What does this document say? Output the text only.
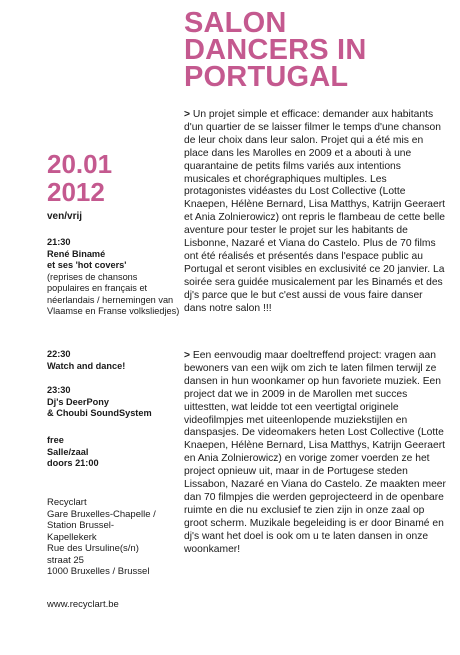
SALON
DANCERS IN
PORTUGAL
20.01
2012
ven/vrij
21:30
René Binamé
et ses 'hot covers'
(reprises de chansons populaires en français et néerlandais / hernemingen van Vlaamse en Franse volksliedjes)
22:30
Watch and dance!
23:30
Dj's DeerPony
& Choubi SoundSystem
free
Salle/zaal
doors 21:00
Recyclart
Gare Bruxelles-Chapelle /
Station Brussel-
Kapellekerk
Rue des Ursuline(s/n)
straat 25
1000 Bruxelles / Brussel
www.recyclart.be

> Un projet simple et efficace: demander aux habitants d'un quartier de se laisser filmer le temps d'une chanson de leur choix dans leur salon. Projet qui a été mis en place dans les Marolles en 2009 et a abouti à une quarantaine de petits films variés aux intentions musicales et chorégraphiques multiples. Les protagonistes vidéastes du Lost Collective (Lotte Knaepen, Hélène Bernard, Lisa Matthys, Katrijn Geeraert et Ania Zolnierowicz) ont repris le flambeau de cette belle aventure pour tester le projet sur les habitants de Lisbonne, Nazaré et Viana do Castelo. Plus de 70 films ont été réalisés et présentés dans l'espace public au Portugal et seront visibles en exclusivité ce 20 janvier. La soirée sera guidée musicalement par les Binamés et des dj's parce que le but c'est aussi de vous faire danser dans notre salon !!!

> Een eenvoudig maar doeltreffend project: vragen aan bewoners van een wijk om zich te laten filmen terwijl ze dansen in hun woonkamer op hun favoriete muziek. Een project dat we in 2009 in de Marollen met succes uittestten, wat leidde tot een veertigtal originele videofilmpjes met uiteenlopende muziekstijlen en danspasjes. De videomakers heten Lost Collective (Lotte Knaepen, Hélène Bernard, Lisa Matthys, Katrijn Geeraert en Ania Zolnierowicz) en vorige zomer voerden ze het project opnieuw uit, maar in de Portugese steden Lissabon, Nazaré en Viana do Castelo. Ze maakten meer dan 70 filmpjes die werden geprojecteerd in de openbare ruimte en die nu exclusief te zien zijn in onze zaal op groot scherm. Muzikale begeleiding is er door Binamé en dj's want het doel is ook om u te laten dansen in onze woonkamer!
